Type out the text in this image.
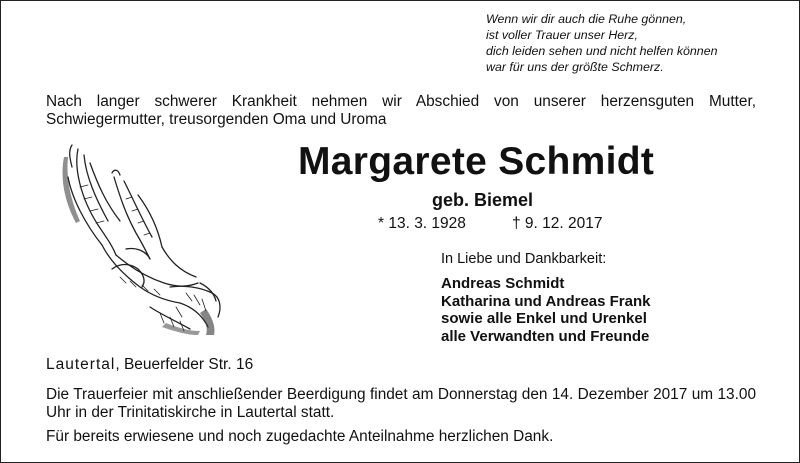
Wenn wir dir auch die Ruhe gönnen,
ist voller Trauer unser Herz,
dich leiden sehen und nicht helfen können
war für uns der größte Schmerz.
Nach langer schwerer Krankheit nehmen wir Abschied von unserer herzensguten Mutter, Schwiegermutter, treusorgenden Oma und Uroma
Margarete Schmidt
geb. Biemel
* 13. 3. 1928	† 9. 12. 2017
In Liebe und Dankbarkeit:
Andreas Schmidt
Katharina und Andreas Frank
sowie alle Enkel und Urenkel
alle Verwandten und Freunde
Lautertal, Beuerfelder Str. 16
Die Trauerfeier mit anschließender Beerdigung findet am Donnerstag den 14. Dezember 2017 um 13.00 Uhr in der Trinitatiskirche in Lautertal statt.
Für bereits erwiesene und noch zugedachte Anteilnahme herzlichen Dank.
